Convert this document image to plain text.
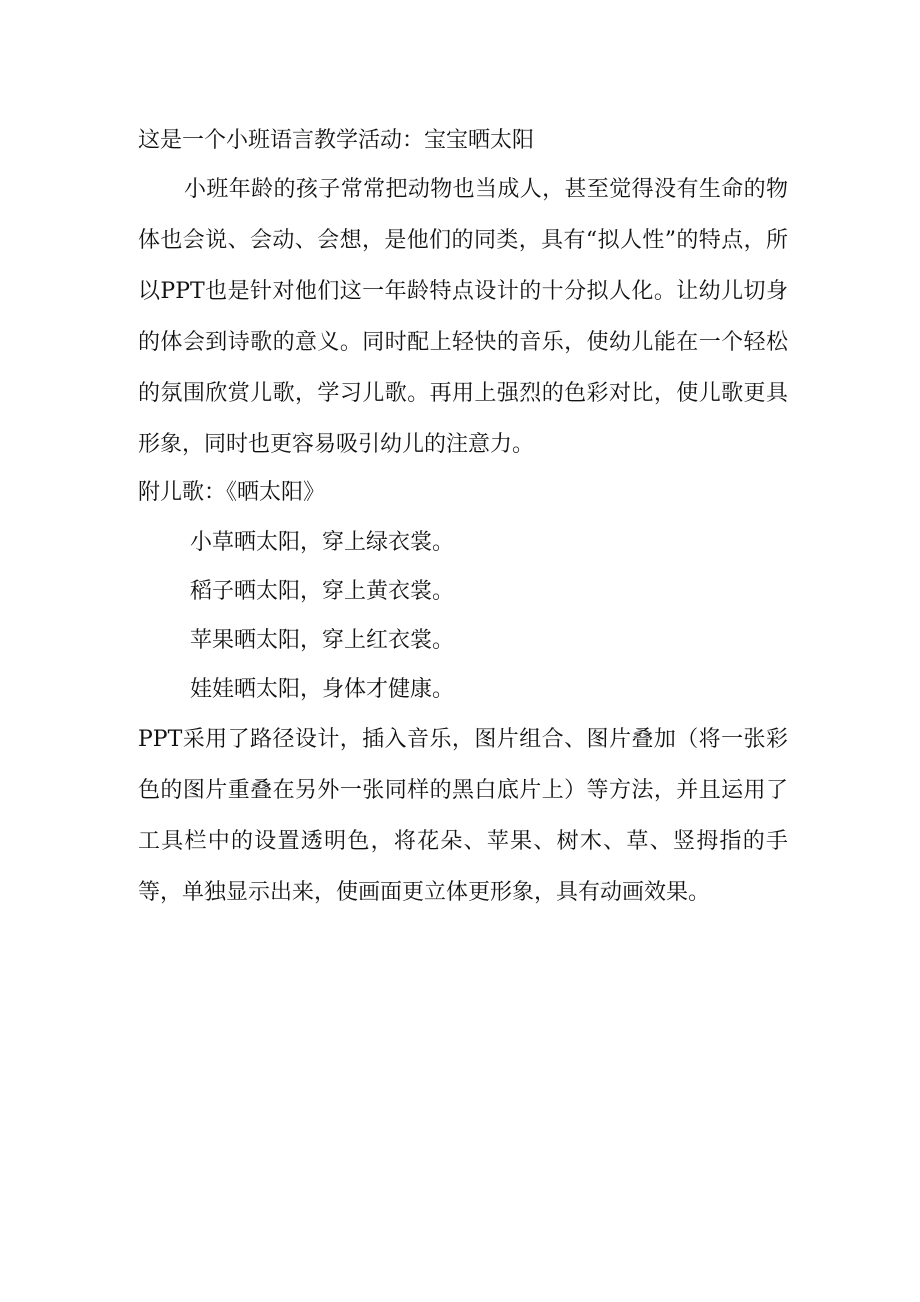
这是一个小班语言教学活动：宝宝晒太阳

小班年龄的孩子常常把动物也当成人，甚至觉得没有生命的物体也会说、会动、会想，是他们的同类，具有“拟人性”的特点，所以PPT也是针对他们这一年龄特点设计的十分拟人化。让幼儿切身的体会到诗歌的意义。同时配上轻快的音乐，使幼儿能在一个轻松的氛围欣赏儿歌，学习儿歌。再用上强烈的色彩对比，使儿歌更具形象，同时也更容易吸引幼儿的注意力。

附儿歌：《晒太阳》

小草晒太阳，穿上绿衣裳。

稻子晒太阳，穿上黄衣裳。

苹果晒太阳，穿上红衣裳。

娃娃晒太阳，身体才健康。

PPT采用了路径设计，插入音乐，图片组合、图片叠加（将一张彩色的图片重叠在另外一张同样的黑白底片上）等方法，并且运用了工具栏中的设置透明色，将花朵、苹果、树木、草、竖拇指的手等，单独显示出来，使画面更立体更形象，具有动画效果。
